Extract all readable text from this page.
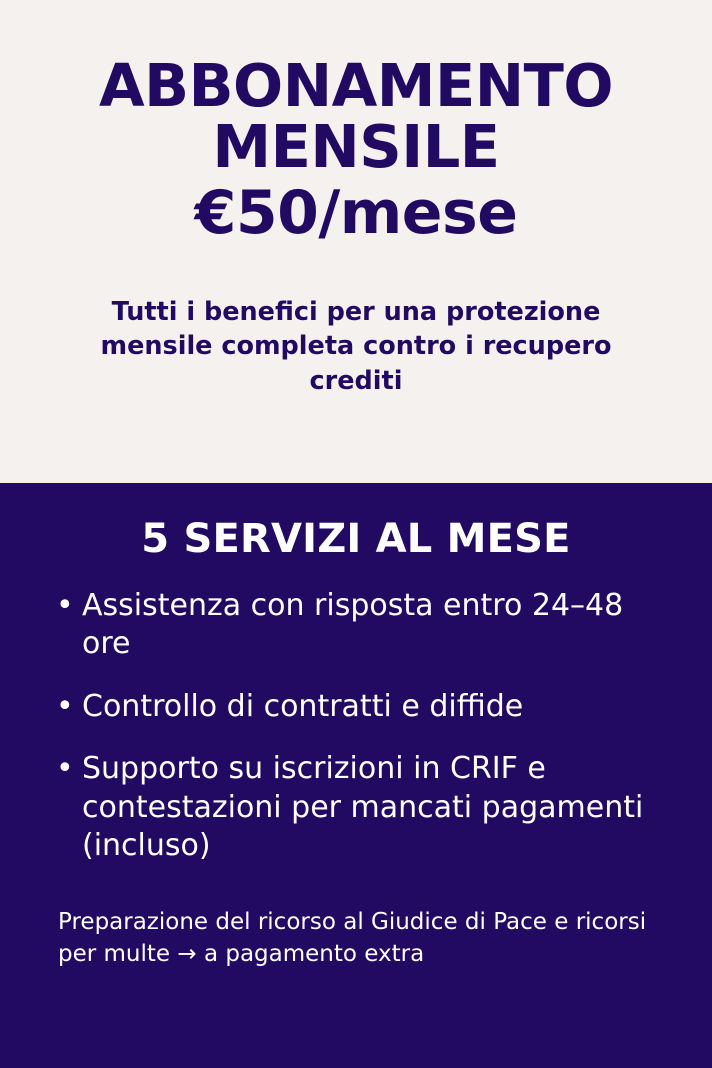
ABBONAMENTO
MENSILE
€50/mese

Tutti i benefici per una protezione mensile completa contro i recupero crediti

5 SERVIZI AL MESE
• Assistenza con risposta entro 24–48 ore
• Controllo di contratti e diffide
• Supporto su iscrizioni in CRIF e contestazioni per mancati pagamenti (incluso)

Preparazione del ricorso al Giudice di Pace e ricorsi per multe → a pagamento extra
